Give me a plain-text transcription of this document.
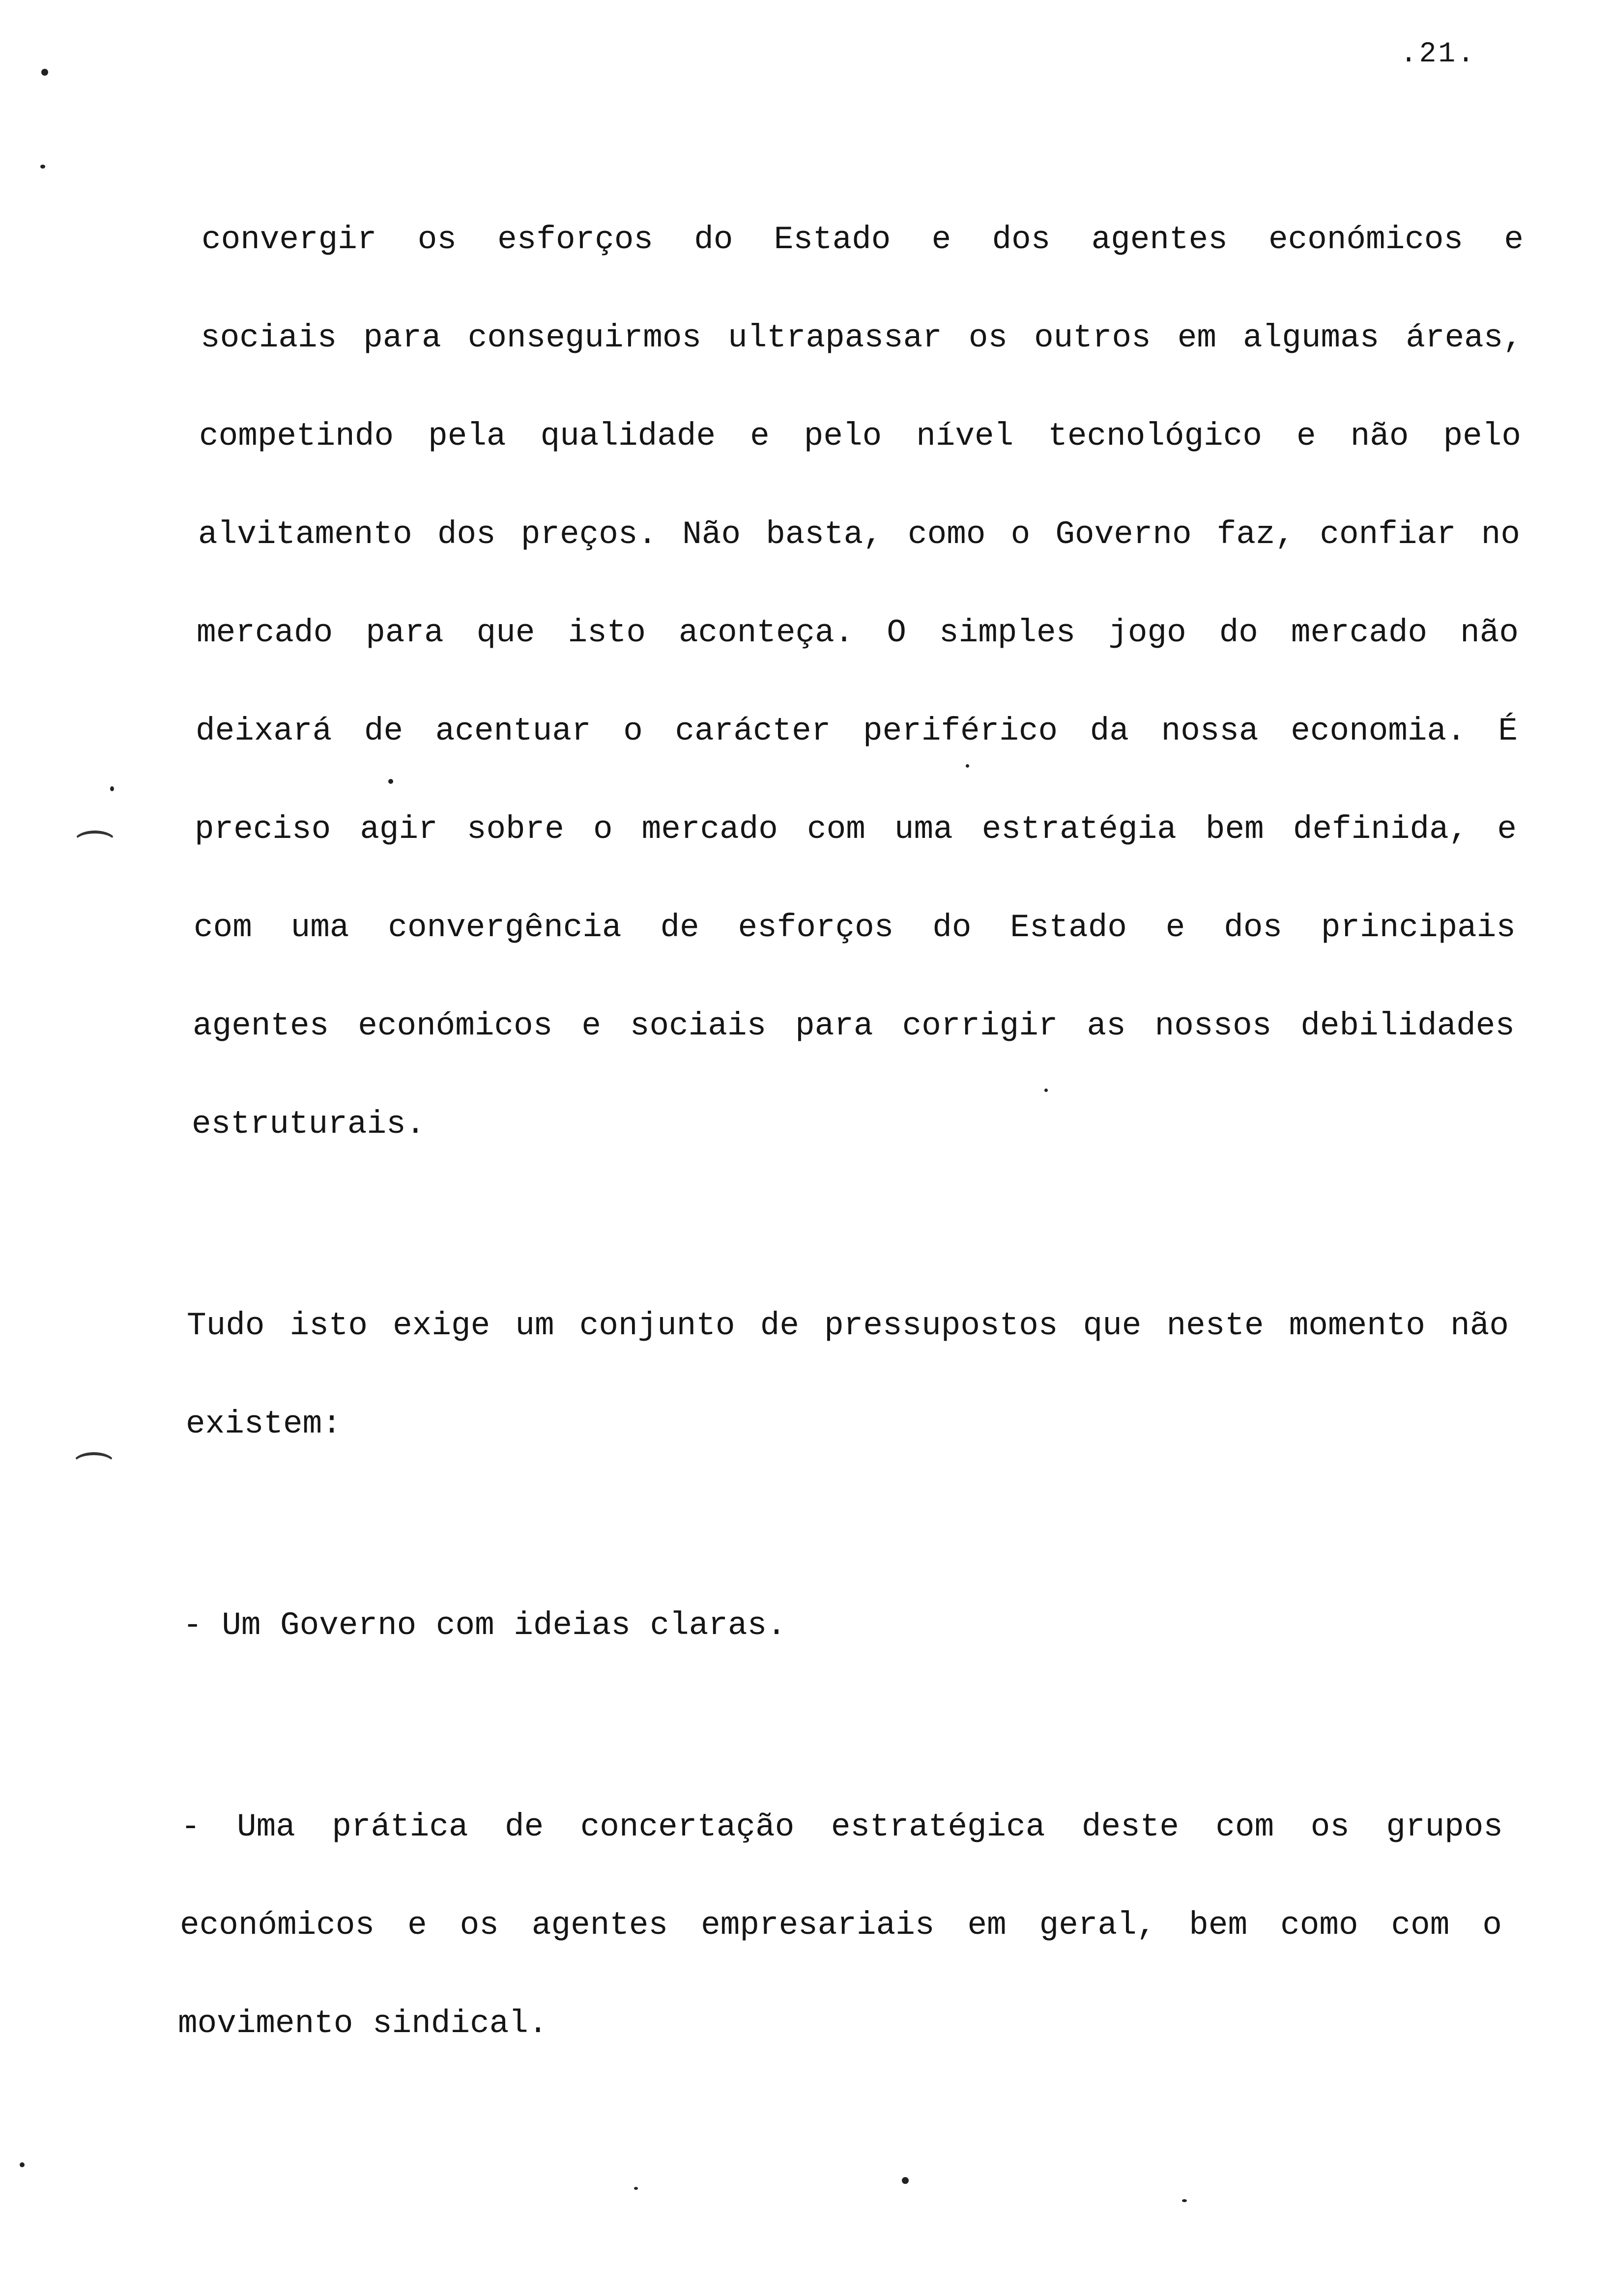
.21.
convergir os esforços do Estado e dos agentes económicos e
sociais para conseguirmos ultrapassar os outros em algumas áreas,
competindo pela qualidade e pelo nível tecnológico e não pelo
alvitamento dos preços. Não basta, como o Governo faz, confiar no
mercado para que isto aconteça. O simples jogo do mercado não
deixará de acentuar o carácter periférico da nossa economia. É
preciso agir sobre o mercado com uma estratégia bem definida, e
com uma convergência de esforços do Estado e dos principais
agentes económicos e sociais para corrigir as nossos debilidades
estruturais.
Tudo isto exige um conjunto de pressupostos que neste momento não
existem:
- Um Governo com ideias claras.
- Uma prática de concertação estratégica deste com os grupos
económicos e os agentes empresariais em geral, bem como com o
movimento sindical.
